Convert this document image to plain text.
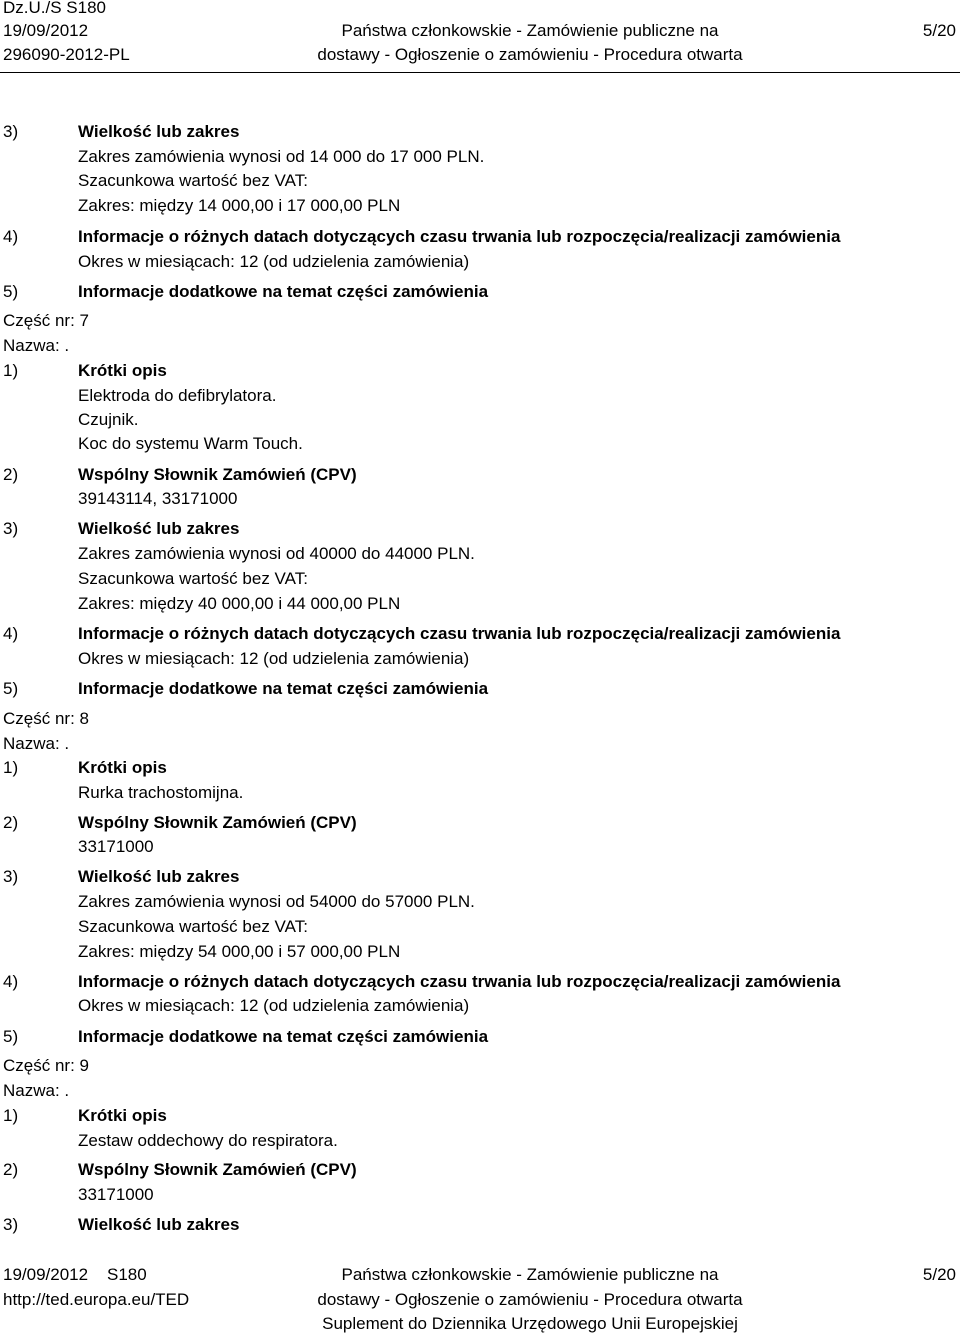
Dz.U./S S180
19/09/2012
296090-2012-PL
Państwa członkowskie - Zamówienie publiczne na
dostawy - Ogłoszenie o zamówieniu - Procedura otwarta
5/20
3)	Wielkość lub zakres
Zakres zamówienia wynosi od 14 000 do 17 000 PLN.
Szacunkowa wartość bez VAT:
Zakres: między 14 000,00 i 17 000,00 PLN
4)	Informacje o różnych datach dotyczących czasu trwania lub rozpoczęcia/realizacji zamówienia
Okres w miesiącach: 12 (od udzielenia zamówienia)
5)	Informacje dodatkowe na temat części zamówienia
Część nr: 7
Nazwa: .
1)	Krótki opis
Elektroda do defibrylatora.
Czujnik.
Koc do systemu Warm Touch.
2)	Wspólny Słownik Zamówień (CPV)
39143114, 33171000
3)	Wielkość lub zakres
Zakres zamówienia wynosi od 40000 do 44000 PLN.
Szacunkowa wartość bez VAT:
Zakres: między 40 000,00 i 44 000,00 PLN
4)	Informacje o różnych datach dotyczących czasu trwania lub rozpoczęcia/realizacji zamówienia
Okres w miesiącach: 12 (od udzielenia zamówienia)
5)	Informacje dodatkowe na temat części zamówienia
Część nr: 8
Nazwa: .
1)	Krótki opis
Rurka trachostomijna.
2)	Wspólny Słownik Zamówień (CPV)
33171000
3)	Wielkość lub zakres
Zakres zamówienia wynosi od 54000 do 57000 PLN.
Szacunkowa wartość bez VAT:
Zakres: między 54 000,00 i 57 000,00 PLN
4)	Informacje o różnych datach dotyczących czasu trwania lub rozpoczęcia/realizacji zamówienia
Okres w miesiącach: 12 (od udzielenia zamówienia)
5)	Informacje dodatkowe na temat części zamówienia
Część nr: 9
Nazwa: .
1)	Krótki opis
Zestaw oddechowy do respiratora.
2)	Wspólny Słownik Zamówień (CPV)
33171000
3)	Wielkość lub zakres
19/09/2012    S180
http://ted.europa.eu/TED
Państwa członkowskie - Zamówienie publiczne na
dostawy - Ogłoszenie o zamówieniu - Procedura otwarta
Suplement do Dziennika Urzędowego Unii Europejskiej
5/20
